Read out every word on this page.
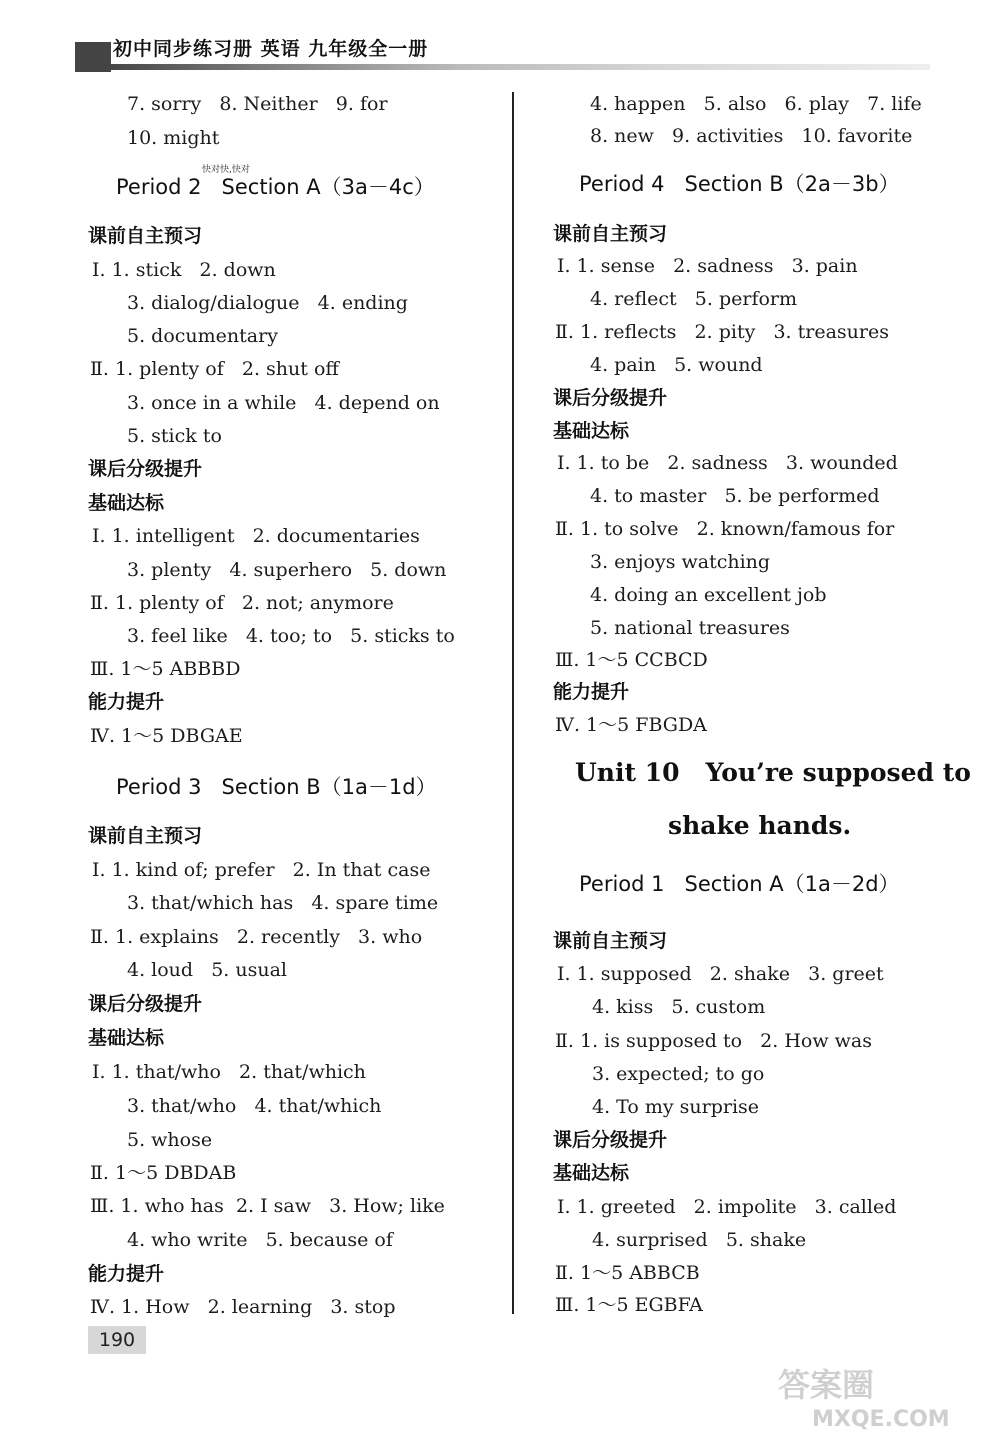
初中同步练习册 英语 九年级全一册
7. sorry   8. Neither   9. for
10. might
快对快,快对
Period 2   Section A（3a－4c）
课前自主预习
Ⅰ. 1. stick   2. down
3. dialog/dialogue   4. ending
5. documentary
Ⅱ. 1. plenty of   2. shut off
3. once in a while   4. depend on
5. stick to
课后分级提升
基础达标
Ⅰ. 1. intelligent   2. documentaries
3. plenty   4. superhero   5. down
Ⅱ. 1. plenty of   2. not; anymore
3. feel like   4. too; to   5. sticks to
Ⅲ. 1～5 ABBBD
能力提升
Ⅳ. 1～5 DBGAE
Period 3   Section B（1a－1d）
课前自主预习
Ⅰ. 1. kind of; prefer   2. In that case
3. that/which has   4. spare time
Ⅱ. 1. explains   2. recently   3. who
4. loud   5. usual
课后分级提升
基础达标
Ⅰ. 1. that/who   2. that/which
3. that/who   4. that/which
5. whose
Ⅱ. 1～5 DBDAB
Ⅲ. 1. who has  2. I saw   3. How; like
4. who write   5. because of
能力提升
Ⅳ. 1. How   2. learning   3. stop
190
4. happen   5. also   6. play   7. life
8. new   9. activities   10. favorite
Period 4   Section B（2a－3b）
课前自主预习
Ⅰ. 1. sense   2. sadness   3. pain
4. reflect   5. perform
Ⅱ. 1. reflects   2. pity   3. treasures
4. pain   5. wound
课后分级提升
基础达标
Ⅰ. 1. to be   2. sadness   3. wounded
4. to master   5. be performed
Ⅱ. 1. to solve   2. known/famous for
3. enjoys watching
4. doing an excellent job
5. national treasures
Ⅲ. 1～5 CCBCD
能力提升
Ⅳ. 1～5 FBGDA
Unit 10   You’re supposed to
shake hands.
Period 1   Section A（1a－2d）
课前自主预习
Ⅰ. 1. supposed   2. shake   3. greet
4. kiss   5. custom
Ⅱ. 1. is supposed to   2. How was
3. expected; to go
4. To my surprise
课后分级提升
基础达标
Ⅰ. 1. greeted   2. impolite   3. called
4. surprised   5. shake
Ⅱ. 1～5 ABBCB
Ⅲ. 1～5 EGBFA
答案圈
MXQE.COM
